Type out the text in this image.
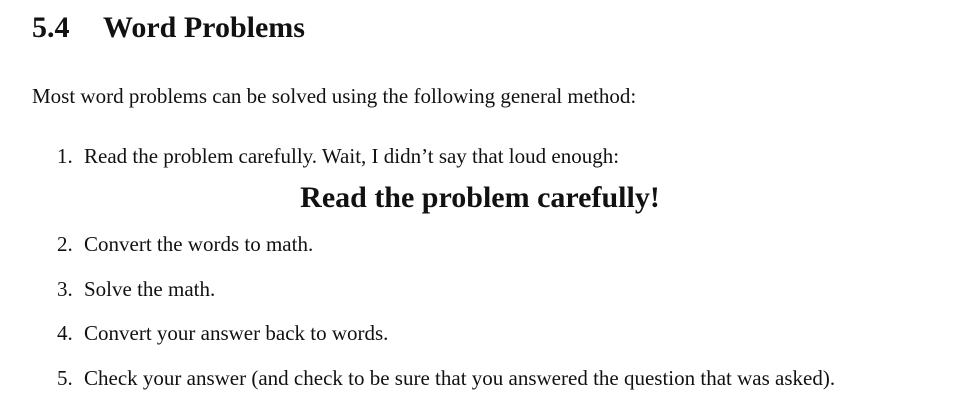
5.4 Word Problems

Most word problems can be solved using the following general method:

1. Read the problem carefully. Wait, I didn’t say that loud enough:

Read the problem carefully!

2. Convert the words to math.

3. Solve the math.

4. Convert your answer back to words.

5. Check your answer (and check to be sure that you answered the question that was asked).
